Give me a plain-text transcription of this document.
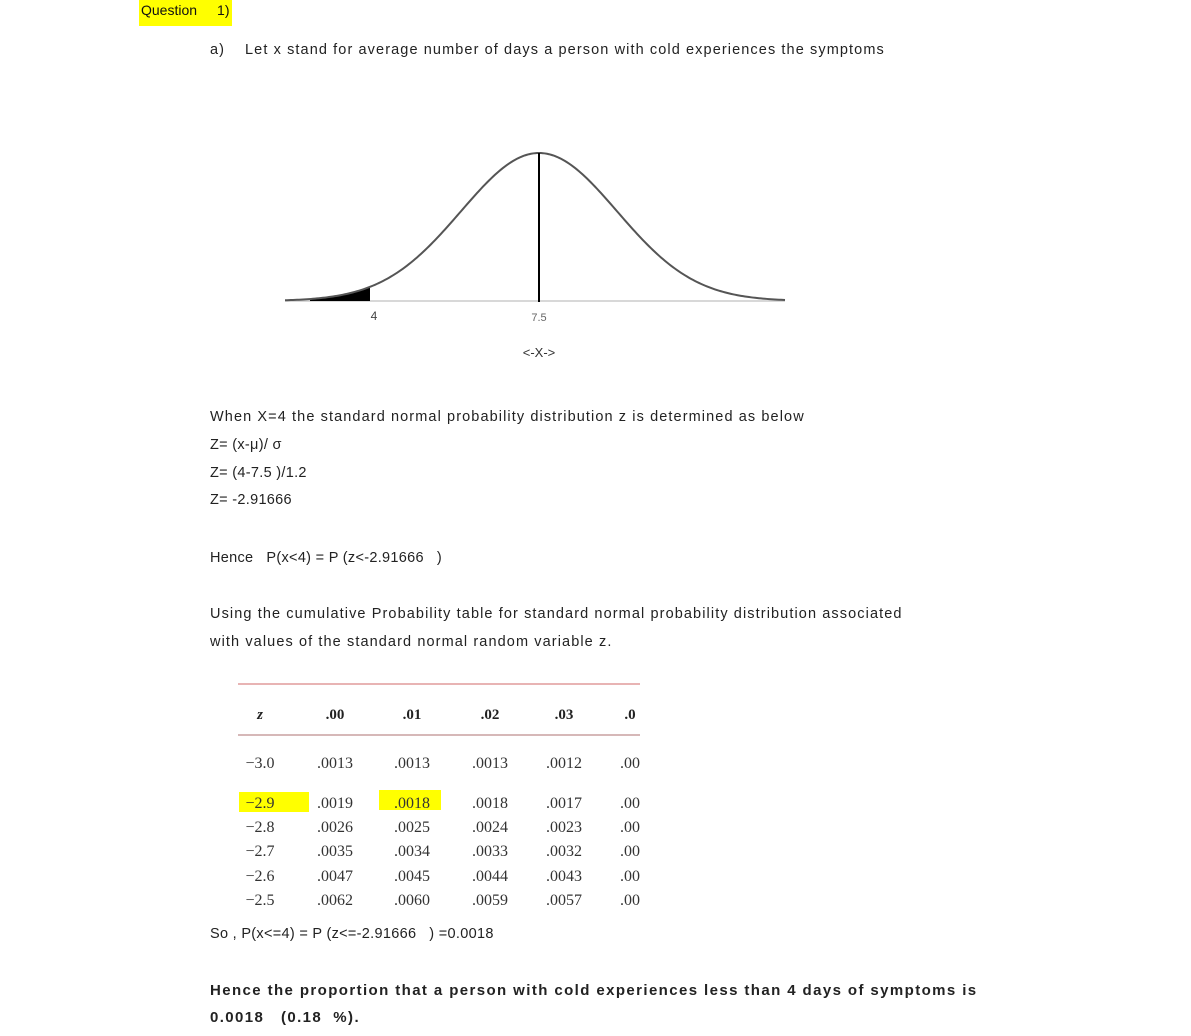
Question 1)
a) Let x stand for average number of days a person with cold experiences the symptoms
4	7.5
<-X->
When X=4 the standard normal probability distribution z is determined as below
Z= (x-μ)/ σ
Z= (4-7.5 )/1.2
Z= -2.91666
Hence   P(x<4) = P (z<-2.91666   )
Using the cumulative Probability table for standard normal probability distribution associated
with values of the standard normal random variable z.
z	.00	.01	.02	.03	.0
−3.0	.0013	.0013	.0013 .0012 .00
−2.9	.0019	.0018	.0018 .0017 .00
−2.8	.0026	.0025	.0024 .0023 .00
−2.7	.0035	.0034	.0033 .0032 .00
−2.6	.0047	.0045	.0044 .0043 .00
−2.5	.0062	.0060	.0059 .0057 .00
So , P(x<=4) = P (z<=-2.91666   ) =0.0018
Hence the proportion that a person with cold experiences less than 4 days of symptoms is
0.0018   (0.18  %).
